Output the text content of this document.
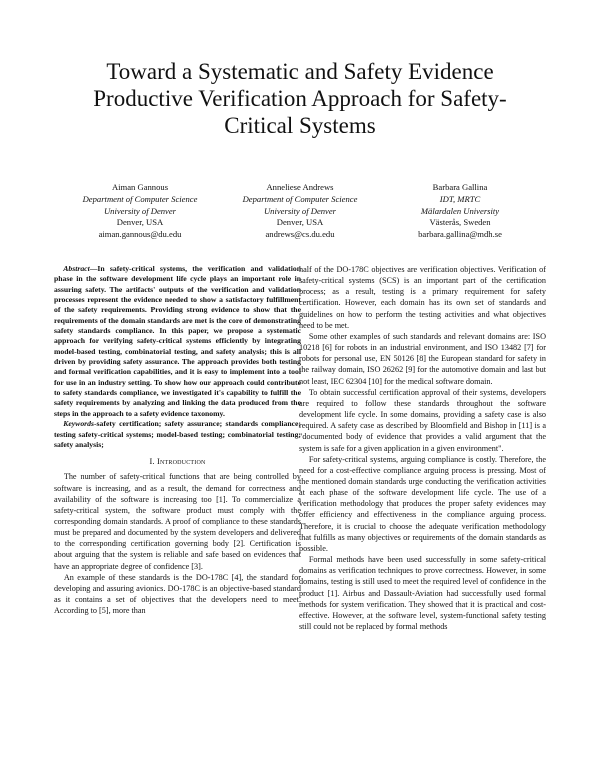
Toward a Systematic and Safety Evidence Productive Verification Approach for Safety-Critical Systems
Aiman Gannous
Department of Computer Science
University of Denver
Denver, USA
aiman.gannous@du.edu
Anneliese Andrews
Department of Computer Science
University of Denver
Denver, USA
andrews@cs.du.edu
Barbara Gallina
IDT, MRTC
Mälardalen University
Västerås, Sweden
barbara.gallina@mdh.se

Abstract—In safety-critical systems, the verification and validation phase in the software development life cycle plays an important role in assuring safety. The artifacts' outputs of the verification and validation processes represent the evidence needed to show a satisfactory fulfillment of the safety requirements. Providing strong evidence to show that the requirements of the domain standards are met is the core of demonstrating safety standards compliance. In this paper, we propose a systematic approach for verifying safety-critical systems efficiently by integrating model-based testing, combinatorial testing, and safety analysis; this is all driven by providing safety assurance. The approach provides both testing and formal verification capabilities, and it is easy to implement into a tool for use in an industry setting. To show how our approach could contribute to safety standards compliance, we investigated it's capability to fulfill the safety requirements by analyzing and linking the data produced from the steps in the approach to a safety evidence taxonomy.

Keywords-safety certification; safety assurance; standards compliance; testing safety-critical systems; model-based testing; combinatorial testing; safety analysis;

I. Introduction

The number of safety-critical functions that are being controlled by software is increasing, and as a result, the demand for correctness and availability of the software is increasing too [1]. To commercialize a safety-critical system, the software product must comply with the corresponding domain standards. A proof of compliance to these standards must be prepared and documented by the system developers and delivered to the corresponding certification governing body [2]. Certification is about arguing that the system is reliable and safe based on evidences that have an appropriate degree of confidence [3].

An example of these standards is the DO-178C [4], the standard for developing and assuring avionics. DO-178C is an objective-based standard as it contains a set of objectives that the developers need to meet. According to [5], more than

half of the DO-178C objectives are verification objectives. Verification of safety-critical systems (SCS) is an important part of the certification process; as a result, testing is a primary requirement for safety certification. However, each domain has its own set of standards and guidelines on how to perform the testing activities and what objectives need to be met.

Some other examples of such standards and relevant domains are: ISO 10218 [6] for robots in an industrial environment, and ISO 13482 [7] for robots for personal use, EN 50126 [8] the European standard for safety in the railway domain, ISO 26262 [9] for the automotive domain and last but not least, IEC 62304 [10] for the medical software domain.

To obtain successful certification approval of their systems, developers are required to follow these standards throughout the software development life cycle. In some domains, providing a safety case is also required. A safety case as described by Bloomfield and Bishop in [11] is a "documented body of evidence that provides a valid argument that the system is safe for a given application in a given environment".

For safety-critical systems, arguing compliance is costly. Therefore, the need for a cost-effective compliance arguing process is pressing. Most of the mentioned domain standards urge conducting the verification activities at each phase of the software development life cycle. The use of a verification methodology that produces the proper safety evidences may offer efficiency and effectiveness in the compliance arguing process. Therefore, it is crucial to choose the adequate verification methodology that fulfills as many objectives or requirements of the domain standards as possible.

Formal methods have been used successfully in some safety-critical domains as verification techniques to prove correctness. However, in some domains, testing is still used to meet the required level of confidence in the product [1]. Airbus and Dassault-Aviation had successfully used formal methods for system verification. They showed that it is practical and cost-effective. However, at the software level, system-functional safety testing still could not be replaced by formal methods
